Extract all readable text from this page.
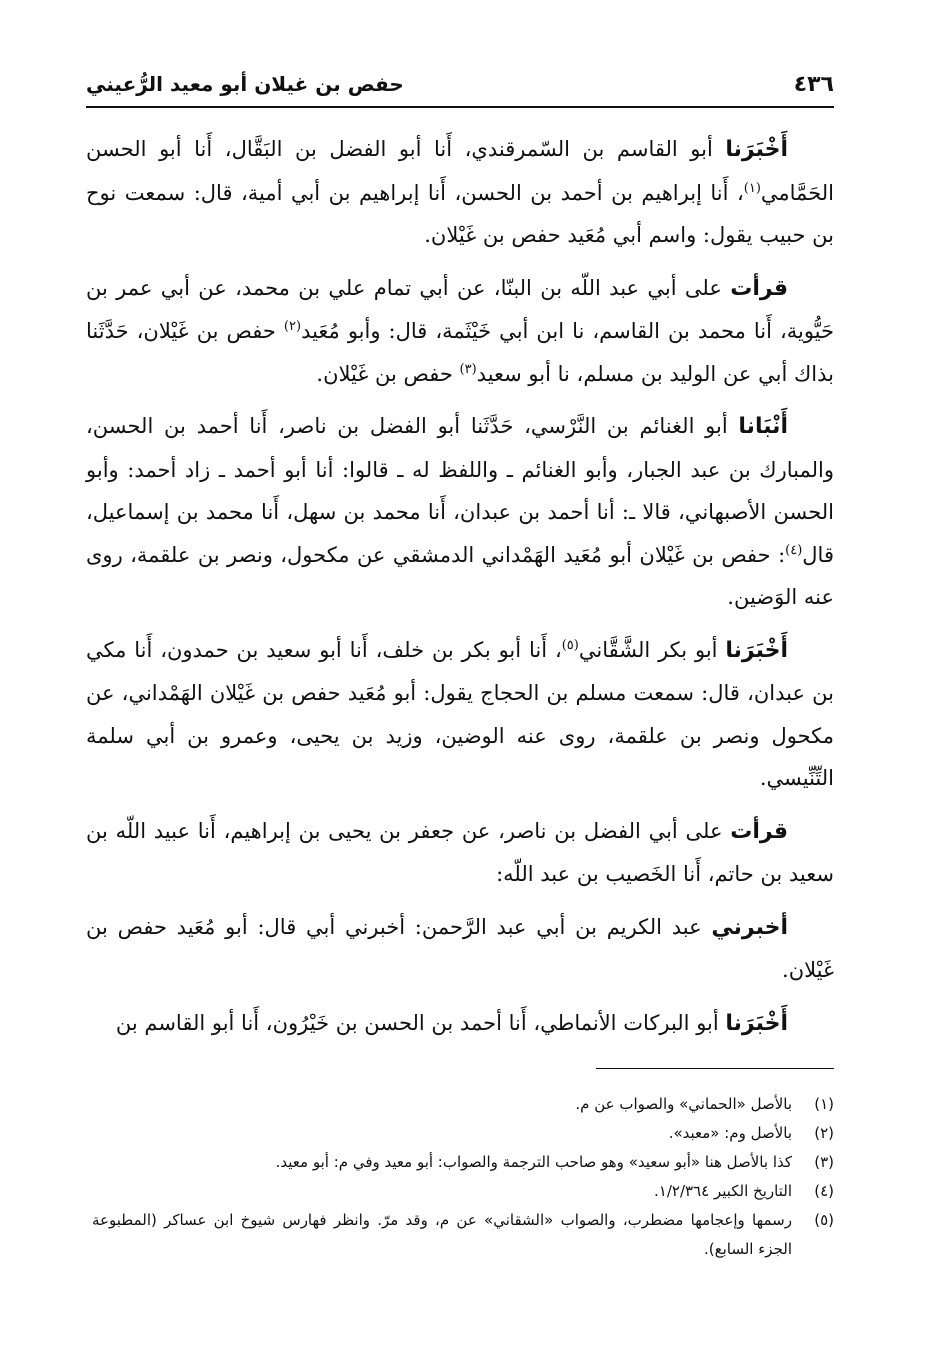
٤٣٦
حفص بن غيلان أبو معيد الرُّعيني

أَخْبَرَنا أبو القاسم بن السّمرقندي، أَنا أبو الفضل بن البَقَّال، أَنا أبو الحسن الحَمَّامي$^{(١)}$، أَنا إبراهيم بن أحمد بن الحسن، أَنا إبراهيم بن أبي أمية، قال: سمعت نوح بن حبيب يقول: واسم أبي مُعَيد حفص بن غَيْلان.

قرأت على أبي عبد اللّه بن البنّا، عن أبي تمام علي بن محمد، عن أبي عمر بن حَيُّوية، أَنا محمد بن القاسم، نا ابن أبي خَيْثَمة، قال: وأبو مُعَيد$^{(٢)}$ حفص بن غَيْلان، حَدَّثَنا بذاك أبي عن الوليد بن مسلم، نا أبو سعيد$^{(٣)}$ حفص بن غَيْلان.

أَنْبَانا أبو الغنائم بن النَّرْسي، حَدَّثَنا أبو الفضل بن ناصر، أَنا أحمد بن الحسن، والمبارك بن عبد الجبار، وأبو الغنائم ـ واللفظ له ـ قالوا: أنا أبو أحمد ـ زاد أحمد: وأبو الحسن الأصبهاني، قالا ـ: أنا أحمد بن عبدان، أَنا محمد بن سهل، أَنا محمد بن إسماعيل، قال$^{(٤)}$: حفص بن غَيْلان أبو مُعَيد الهَمْداني الدمشقي عن مكحول، ونصر بن علقمة، روى عنه الوَضين.

أَخْبَرَنا أبو بكر الشَّقَّاني$^{(٥)}$، أَنا أبو بكر بن خلف، أَنا أبو سعيد بن حمدون، أَنا مكي بن عبدان، قال: سمعت مسلم بن الحجاج يقول: أبو مُعَيد حفص بن غَيْلان الهَمْداني، عن مكحول ونصر بن علقمة، روى عنه الوضين، وزيد بن يحيى، وعمرو بن أبي سلمة التِّنِّيسي.

قرأت على أبي الفضل بن ناصر، عن جعفر بن يحيى بن إبراهيم، أَنا عبيد اللّه بن سعيد بن حاتم، أَنا الخَصيب بن عبد اللّه:

أخبرني عبد الكريم بن أبي عبد الرَّحمن: أخبرني أبي قال: أبو مُعَيد حفص بن غَيْلان.

أَخْبَرَنا أبو البركات الأنماطي، أَنا أحمد بن الحسن بن خَيْرُون، أَنا أبو القاسم بن

(١)
بالأصل «الحماني» والصواب عن م.
(٢)
بالأصل وم: «معبد».
(٣)
كذا بالأصل هنا «أبو سعيد» وهو صاحب الترجمة والصواب: أبو معيد وفي م: أبو معيد.
(٤)
التاريخ الكبير ١/٢/٣٦٤.
(٥)
رسمها وإعجامها مضطرب، والصواب «الشقاني» عن م، وقد مرّ. وانظر فهارس شيوخ ابن عساكر (المطبوعة الجزء السابع).
